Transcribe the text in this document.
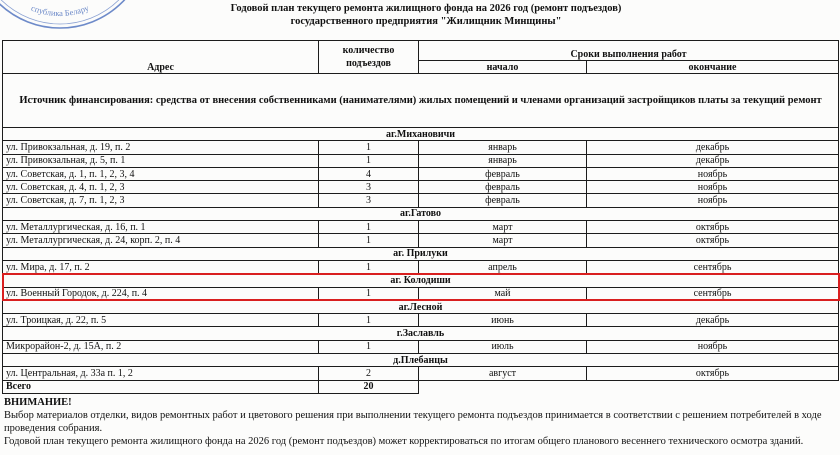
спублика Белару	Годовой план текущего ремонта жилищного фонда на 2026 год (ремонт подъездов)
государственного предприятия "Жилищник Минщины"
Адрес	количество подъездов	Сроки выполнения работ	
		начало	окончание
Источник финансирования: средства от внесения собственниками (нанимателями) жилых помещений и членами организаций застройщиков платы за текущий ремонт			
аг.Михановичи			
ул. Привокзальная, д. 19, п. 2	1	январь	декабрь
ул. Привокзальная, д. 5, п. 1	1	январь	декабрь
ул. Советская, д. 1, п. 1, 2, 3, 4	4	февраль	ноябрь
ул. Советская, д. 4, п. 1, 2, 3	3	февраль	ноябрь
ул. Советская, д. 7, п. 1, 2, 3	3	февраль	ноябрь
аг.Гатово			
ул. Металлургическая, д. 16, п. 1	1	март	октябрь
ул. Металлургическая, д. 24, корп. 2, п. 4	1	март	октябрь
аг. Прилуки			
ул. Мира, д. 17, п. 2	1	апрель	сентябрь
аг. Колодиши			
ул. Военный Городок, д. 224, п. 4	1	май	сентябрь
аг.Лесной			
ул. Троицкая, д. 22, п. 5	1	июнь	декабрь
г.Заславль			
Микрорайон-2, д. 15А, п. 2	1	июль	ноябрь
д.Плебанцы			
ул. Центральная, д. 33а п. 1, 2	2	август	октябрь
Всего	20		
ВНИМАНИЕ!

Выбор материалов отделки, видов ремонтных работ и цветового решения при выполнении текущего ремонта подъездов принимается в соответствии с решением потребителей в ходе проведения собрания.

Годовой план текущего ремонта жилищного фонда на 2026 год (ремонт подъездов) может корректироваться по итогам общего планового весеннего технического осмотра зданий.
